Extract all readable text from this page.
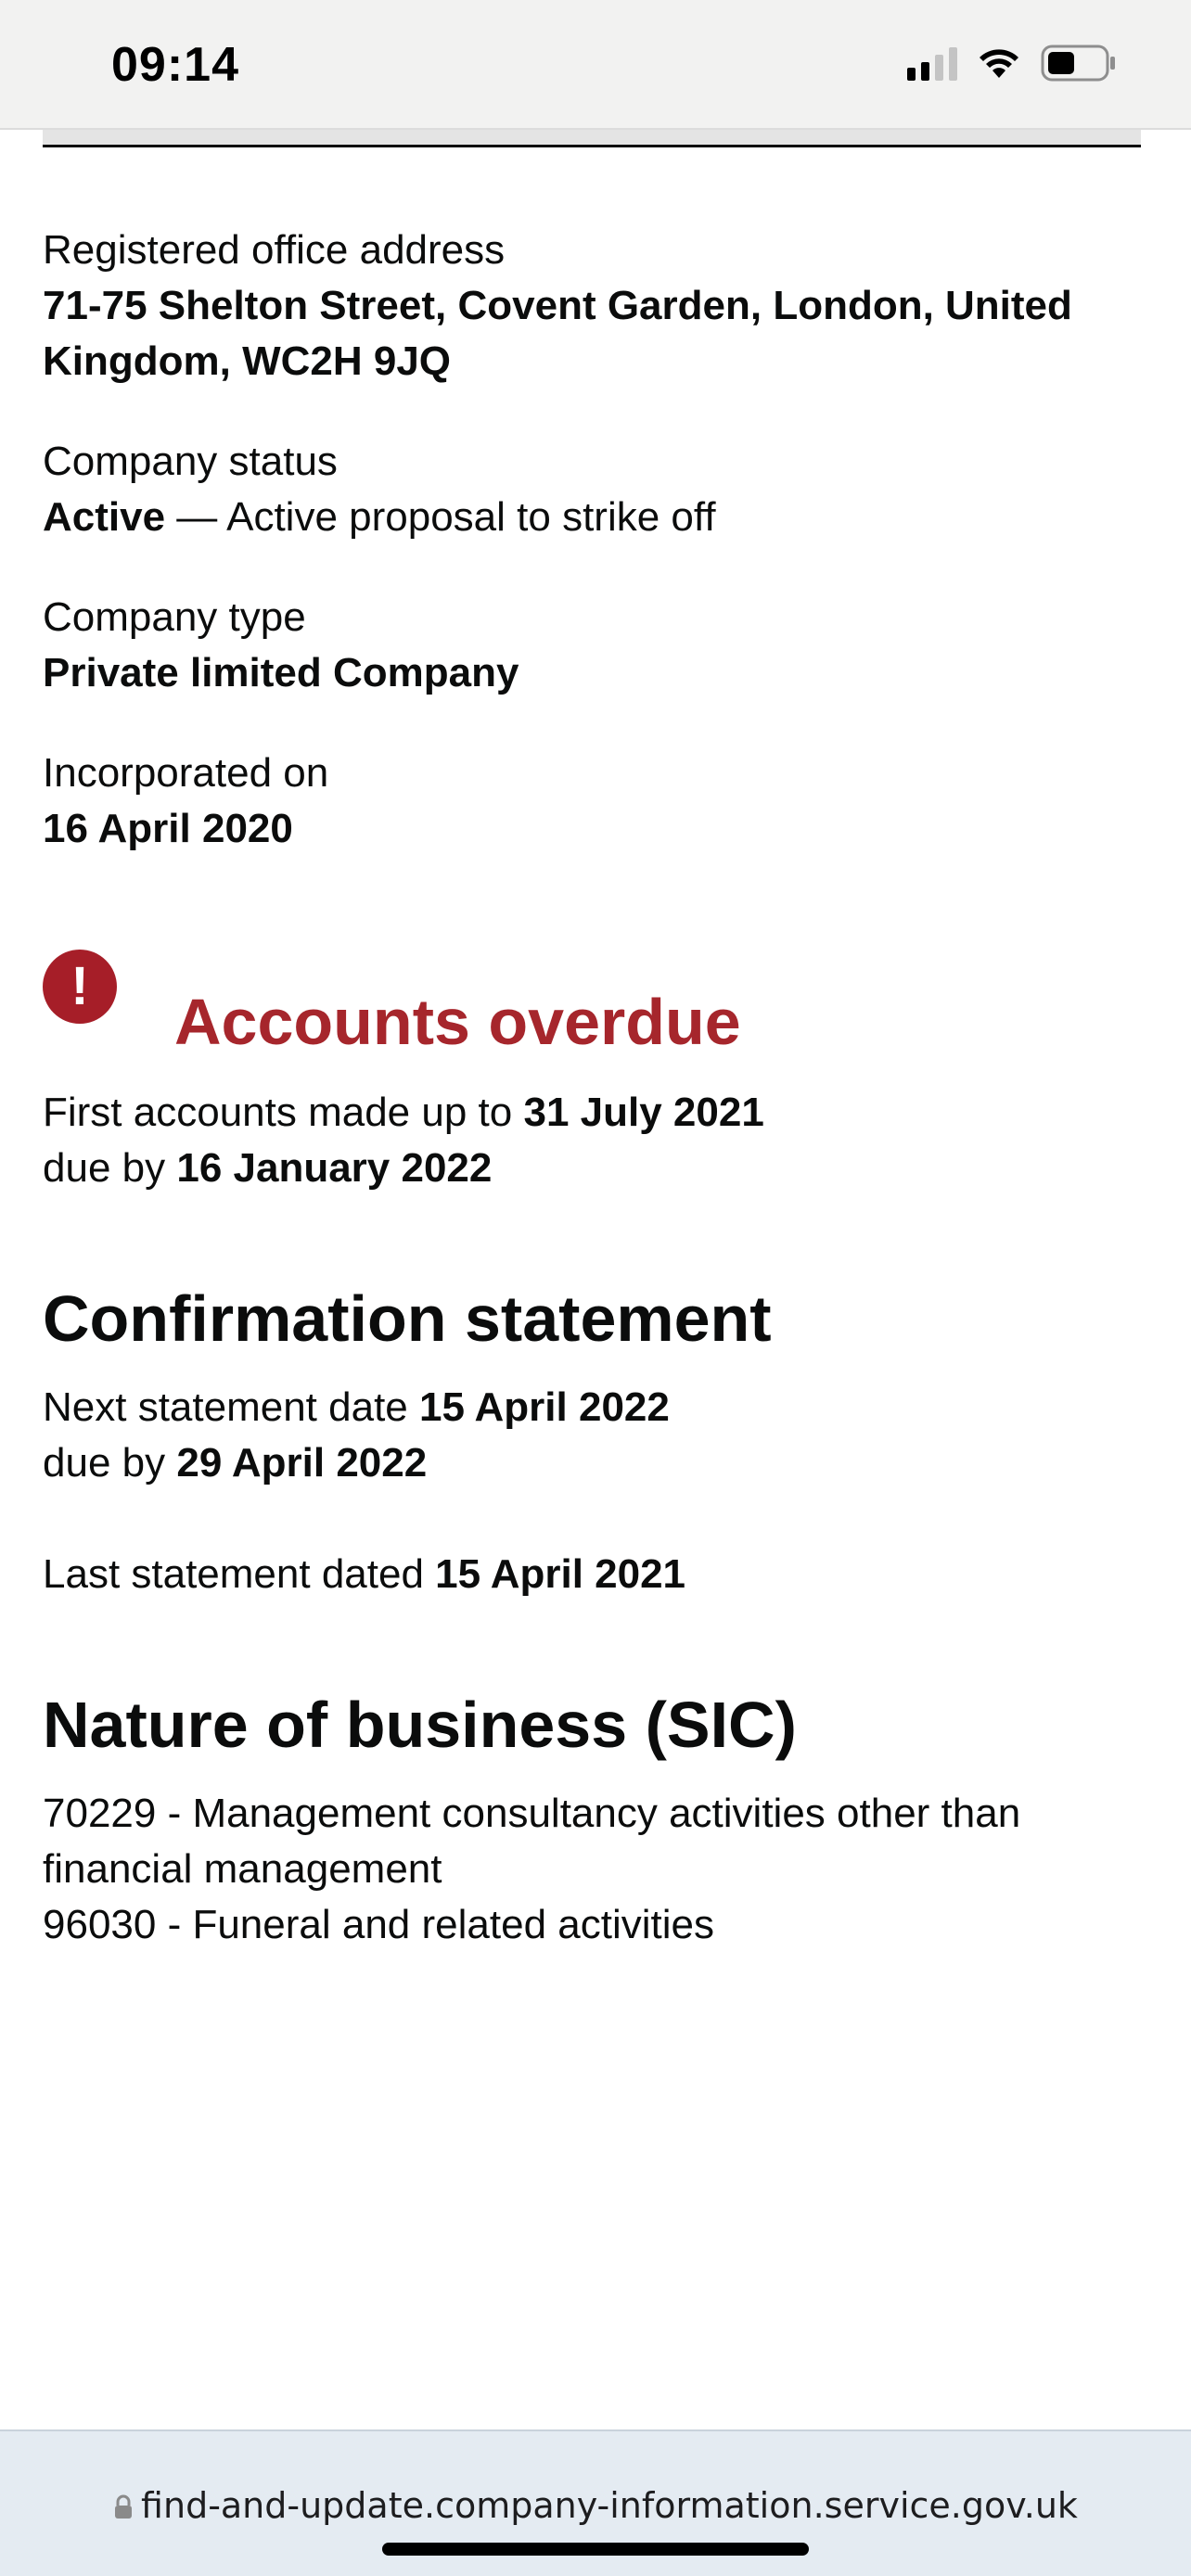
09:14
Registered office address
71-75 Shelton Street, Covent Garden, London, United
Kingdom, WC2H 9JQ
Company status
Active — Active proposal to strike off
Company type
Private limited Company
Incorporated on
16 April 2020
!	Accounts overdue
First accounts made up to 31 July 2021
due by 16 January 2022
Confirmation statement
Next statement date 15 April 2022
due by 29 April 2022
Last statement dated 15 April 2021
Nature of business (SIC)
70229 - Management consultancy activities other than
financial management
96030 - Funeral and related activities
find-and-update.company-information.service.gov.uk
